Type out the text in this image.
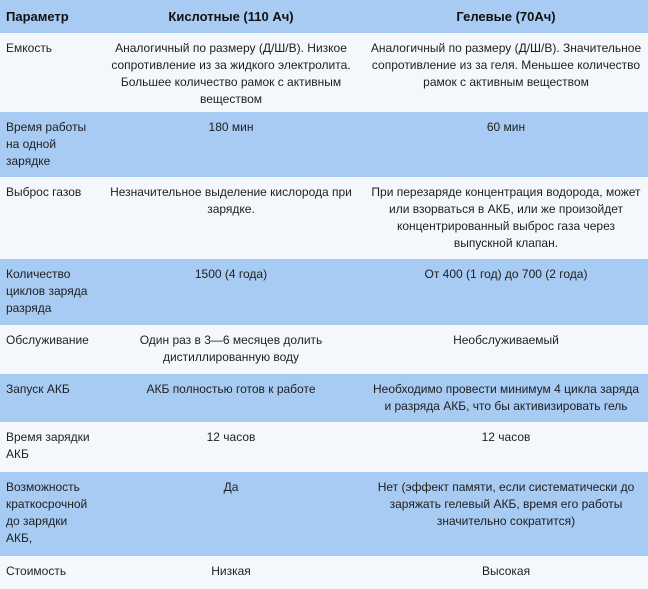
Параметр	Кислотные (110 Ач)	Гелевые (70Ач)
Емкость	Аналогичный по размеру (Д/Ш/В). Низкое сопротивление из за жидкого электролита. Большее количество рамок с активным веществом	Аналогичный по размеру (Д/Ш/В). Значительное сопротивление из за геля. Меньшее количество рамок с активным веществом
Время работы на одной зарядке	180 мин	60 мин
Выброс газов	Незначительное выделение кислорода при зарядке.	При перезаряде концентрация водорода, может или взорваться в АКБ, или же произойдет концентрированный выброс газа через выпускной клапан.
Количество циклов заряда разряда	1500 (4 года)	От 400 (1 год) до 700 (2 года)
Обслуживание	Один раз в 3—6 месяцев долить дистиллированную воду	Необслуживаемый
Запуск АКБ	АКБ полностью готов к работе	Необходимо провести минимум 4 цикла заряда и разряда АКБ, что бы активизировать гель
Время зарядки АКБ	12 часов	12 часов
Возможность краткосрочной до зарядки АКБ,	Да	Нет (эффект памяти, если систематически до заряжать гелевый АКБ, время его работы значительно сократится)
Стоимость	Низкая	Высокая
